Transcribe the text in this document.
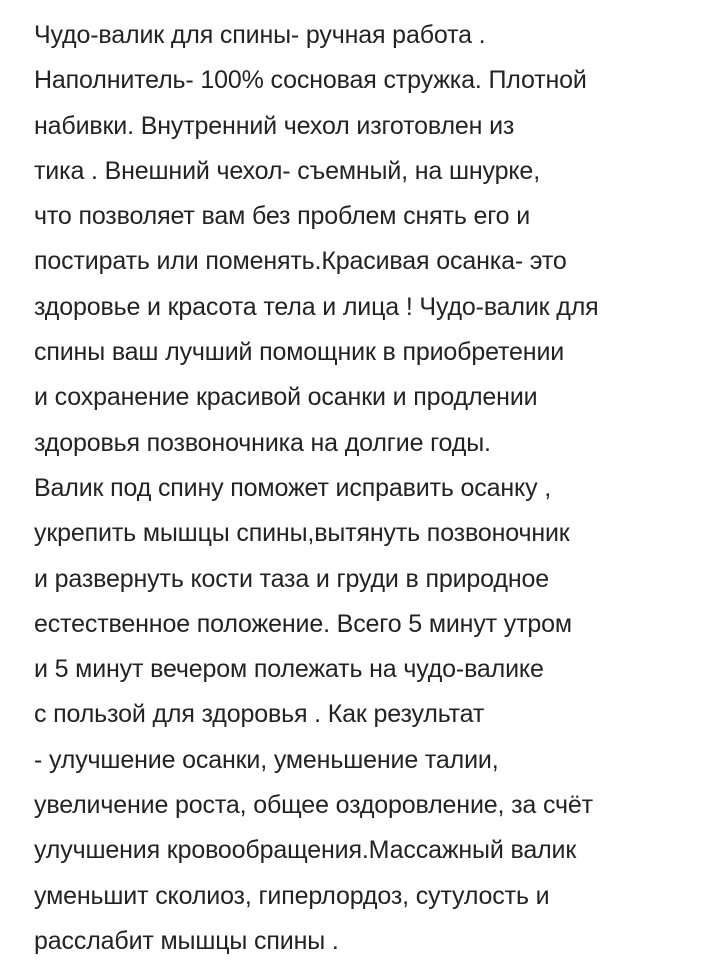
Чудо-валик для спины- ручная работа .
Наполнитель- 100% сосновая стружка. Плотной
набивки. Внутренний чехол изготовлен из
тика . Внешний чехол- съемный, на шнурке,
что позволяет вам без проблем снять его и
постирать или поменять.Красивая осанка- это
здоровье и красота тела и лица ! Чудо-валик для
спины ваш лучший помощник в приобретении
и сохранение красивой осанки и продлении
здоровья позвоночника на долгие годы.
Валик под спину поможет исправить осанку ,
укрепить мышцы спины,вытянуть позвоночник
и развернуть кости таза и груди в природное
естественное положение. Всего 5 минут утром
и 5 минут вечером полежать на чудо-валике
с пользой для здоровья . Как результат
- улучшение осанки, уменьшение талии,
увеличение роста, общее оздоровление, за счёт
улучшения кровообращения.Массажный валик
уменьшит сколиоз, гиперлордоз, сутулость и
расслабит мышцы спины .
